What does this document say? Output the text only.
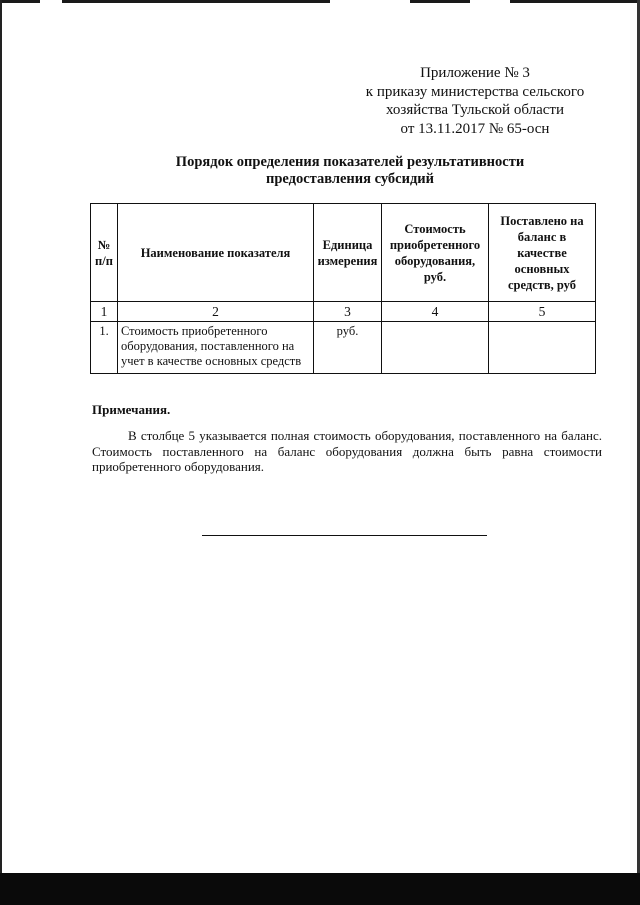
Приложение № 3
к приказу министерства сельского
хозяйства Тульской области
от 13.11.2017 № 65-осн
Порядок определения показателей результативности
предоставления субсидий
№ п/п	Наименование показателя	Единица измерения	Стоимость приобретенного оборудования, руб.	Поставлено на баланс в качестве основных средств, руб
1	2	3	4	5
1.	Стоимость приобретенного оборудования, поставленного на учет в качестве основных средств	руб.		
Примечания.
В столбце 5 указывается полная стоимость оборудования, поставленного на баланс. Стоимость поставленного на баланс оборудования должна быть равна стоимости приобретенного оборудования.
